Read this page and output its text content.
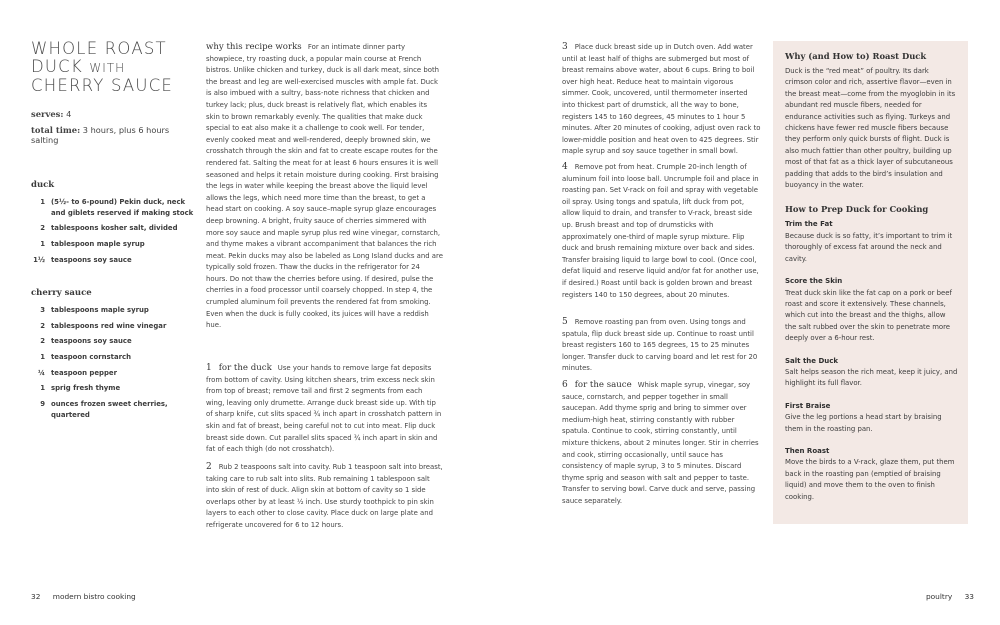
WHOLE ROAST
DUCK WITH
CHERRY SAUCE
serves: 4
total time: 3 hours, plus 6 hours salting
duck
1 (5½- to 6-pound) Pekin duck, neck and giblets reserved if making stock
2 tablespoons kosher salt, divided
1 tablespoon maple syrup
1½ teaspoons soy sauce
cherry sauce
3 tablespoons maple syrup
2 tablespoons red wine vinegar
2 teaspoons soy sauce
1 teaspoon cornstarch
¼ teaspoon pepper
1 sprig fresh thyme
9 ounces frozen sweet cherries, quartered

why this recipe works For an intimate dinner party showpiece, try roasting duck, a popular main course at French bistros. Unlike chicken and turkey, duck is all dark meat, since both the breast and leg are well-exercised muscles with ample fat. Duck is also imbued with a sultry, bass-note richness that chicken and turkey lack; plus, duck breast is relatively flat, which enables its skin to brown remarkably evenly. The qualities that make duck special to eat also make it a challenge to cook well. For tender, evenly cooked meat and well-rendered, deeply browned skin, we crosshatch through the skin and fat to create escape routes for the rendered fat. Salting the meat for at least 6 hours ensures it is well seasoned and helps it retain moisture during cooking. First braising the legs in water while keeping the breast above the liquid level allows the legs, which need more time than the breast, to get a head start on cooking. A soy sauce–maple syrup glaze encourages deep browning. A bright, fruity sauce of cherries simmered with more soy sauce and maple syrup plus red wine vinegar, cornstarch, and thyme makes a vibrant accompaniment that balances the rich meat. Pekin ducks may also be labeled as Long Island ducks and are typically sold frozen. Thaw the ducks in the refrigerator for 24 hours. Do not thaw the cherries before using. If desired, pulse the cherries in a food processor until coarsely chopped. In step 4, the crumpled aluminum foil prevents the rendered fat from smoking. Even when the duck is fully cooked, its juices will have a reddish hue.

1 for the duck Use your hands to remove large fat deposits from bottom of cavity. Using kitchen shears, trim excess neck skin from top of breast; remove tail and first 2 segments from each wing, leaving only drumette. Arrange duck breast side up. With tip of sharp knife, cut slits spaced ¾ inch apart in crosshatch pattern in skin and fat of breast, being careful not to cut into meat. Flip duck breast side down. Cut parallel slits spaced ¾ inch apart in skin and fat of each thigh (do not crosshatch).

2 Rub 2 teaspoons salt into cavity. Rub 1 teaspoon salt into breast, taking care to rub salt into slits. Rub remaining 1 tablespoon salt into skin of rest of duck. Align skin at bottom of cavity so 1 side overlaps other by at least ½ inch. Use sturdy toothpick to pin skin layers to each other to close cavity. Place duck on large plate and refrigerate uncovered for 6 to 12 hours.

3 Place duck breast side up in Dutch oven. Add water until at least half of thighs are submerged but most of breast remains above water, about 6 cups. Bring to boil over high heat. Reduce heat to maintain vigorous simmer. Cook, uncovered, until thermometer inserted into thickest part of drumstick, all the way to bone, registers 145 to 160 degrees, 45 minutes to 1 hour 5 minutes. After 20 minutes of cooking, adjust oven rack to lower-middle position and heat oven to 425 degrees. Stir maple syrup and soy sauce together in small bowl.

4 Remove pot from heat. Crumple 20-inch length of aluminum foil into loose ball. Uncrumple foil and place in roasting pan. Set V-rack on foil and spray with vegetable oil spray. Using tongs and spatula, lift duck from pot, allow liquid to drain, and transfer to V-rack, breast side up. Brush breast and top of drumsticks with approximately one-third of maple syrup mixture. Flip duck and brush remaining mixture over back and sides. Transfer braising liquid to large bowl to cool. (Once cool, defat liquid and reserve liquid and/or fat for another use, if desired.) Roast until back is golden brown and breast registers 140 to 150 degrees, about 20 minutes.

5 Remove roasting pan from oven. Using tongs and spatula, flip duck breast side up. Continue to roast until breast registers 160 to 165 degrees, 15 to 25 minutes longer. Transfer duck to carving board and let rest for 20 minutes.

6 for the sauce Whisk maple syrup, vinegar, soy sauce, cornstarch, and pepper together in small saucepan. Add thyme sprig and bring to simmer over medium-high heat, stirring constantly with rubber spatula. Continue to cook, stirring constantly, until mixture thickens, about 2 minutes longer. Stir in cherries and cook, stirring occasionally, until sauce has consistency of maple syrup, 3 to 5 minutes. Discard thyme sprig and season with salt and pepper to taste. Transfer to serving bowl. Carve duck and serve, passing sauce separately.

Why (and How to) Roast Duck

Duck is the “red meat” of poultry. Its dark crimson color and rich, assertive flavor—even in the breast meat—come from the myoglobin in its abundant red muscle fibers, needed for endurance activities such as flying. Turkeys and chickens have fewer red muscle fibers because they perform only quick bursts of flight. Duck is also much fattier than other poultry, building up most of that fat as a thick layer of subcutaneous padding that adds to the bird’s insulation and buoyancy in the water.

How to Prep Duck for Cooking

Trim the Fat

Because duck is so fatty, it’s important to trim it thoroughly of excess fat around the neck and cavity.

Score the Skin

Treat duck skin like the fat cap on a pork or beef roast and score it extensively. These channels, which cut into the breast and the thighs, allow the salt rubbed over the skin to penetrate more deeply over a 6-hour rest.

Salt the Duck

Salt helps season the rich meat, keep it juicy, and highlight its full flavor.

First Braise

Give the leg portions a head start by braising them in the roasting pan.

Then Roast

Move the birds to a V-rack, glaze them, put them back in the roasting pan (emptied of braising liquid) and move them to the oven to finish cooking.

32 modern bistro cooking	poultry 33
